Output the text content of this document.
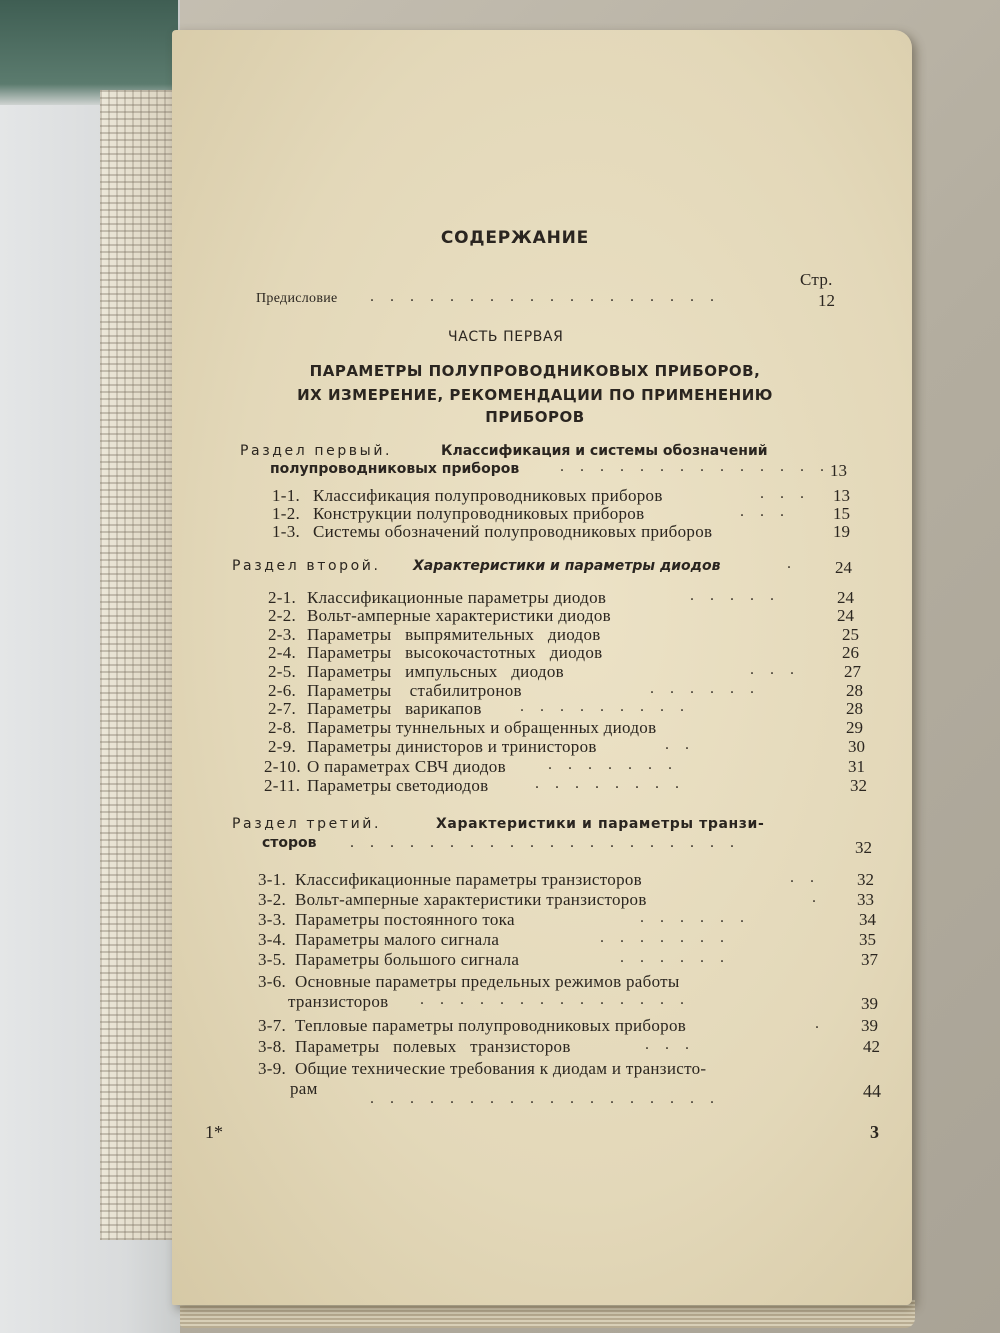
СОДЕРЖАНИЕ
Стр.
Предисловие . . . . . . . . . . . . . . . . . .	12
ЧАСТЬ ПЕРВАЯ
ПАРАМЕТРЫ ПОЛУПРОВОДНИКОВЫХ ПРИБОРОВ,
ИХ ИЗМЕРЕНИЕ, РЕКОМЕНДАЦИИ ПО ПРИМЕНЕНИЮ
ПРИБОРОВ
Раздел первый.	Классификация и системы обозначений
полупроводниковых приборов	. . . . . . . . . . . . . . 13
1-1. Классификация полупроводниковых приборов	. . . 13
1-2. Конструкции полупроводниковых приборов	. . .	15
1-3. Системы обозначений полупроводниковых приборов	19
Раздел второй. Характеристики и параметры диодов	. 24
2-1. Классификационные параметры диодов	. . . . .	24
2-2. Вольт-амперные характеристики диодов	24
2-3. Параметры   выпрямительных   диодов	25
2-4. Параметры   высокочастотных   диодов	26
2-5. Параметры   импульсных   диодов	. . .	27
2-6. Параметры    стабилитронов	. . . . . .	28
2-7. Параметры   варикапов . . . . . . . . .	28
2-8. Параметры туннельных и обращенных диодов	29
2-9. Параметры динисторов и тринисторов	. .	30
2-10. О параметрах СВЧ диодов	. . . . . . .	31
2-11. Параметры светодиодов	. . . . . . . .	32
Раздел третий.	Характеристики и параметры транзи-
сторов . . . . . . . . . . . . . . . . . . . .	32
3-1. Классификационные параметры транзисторов	. . 32
3-2. Вольт-амперные характеристики транзисторов	. 33
3-3. Параметры постоянного тока	. . . . . .	34
3-4. Параметры малого сигнала	. . . . . . .	35
3-5. Параметры большого сигнала	. . . . . .	37
3-6. Основные параметры предельных режимов работы
транзисторов . . . . . . . . . . . . . .	39
3-7. Тепловые параметры полупроводниковых приборов	. 39
3-8. Параметры   полевых   транзисторов	. . .	42
3-9. Общие технические требования к диодам и транзисто-
рам
. . . . . . . . . . . . . . . . . .	44
1*	3
